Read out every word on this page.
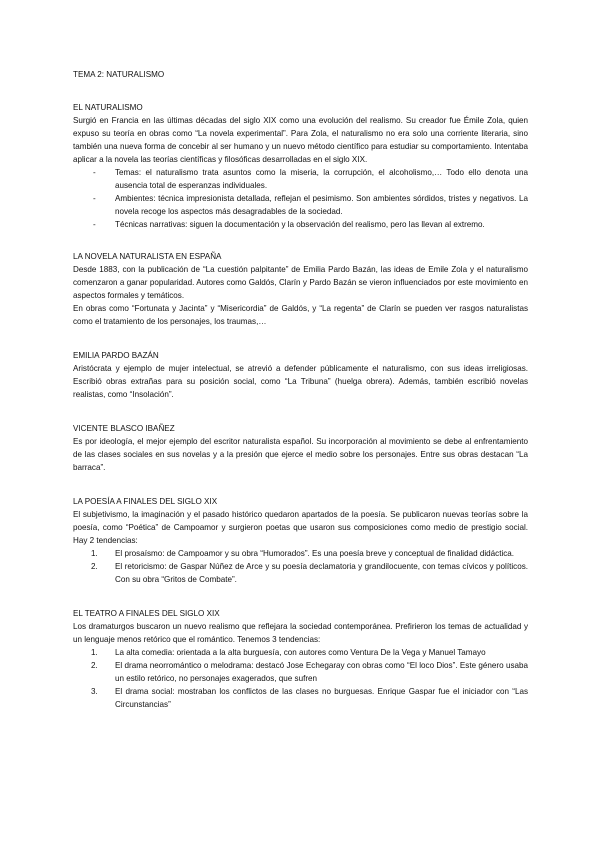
TEMA 2: NATURALISMO
EL NATURALISMO

Surgió en Francia en las últimas décadas del siglo XIX como una evolución del realismo. Su creador fue Émile Zola, quien expuso su teoría en obras como “La novela experimental”. Para Zola, el naturalismo no era solo una corriente literaria, sino también una nueva forma de concebir al ser humano y un nuevo método científico para estudiar su comportamiento. Intentaba aplicar a la novela las teorías científicas y filosóficas desarrolladas en el siglo XIX.

- Temas: el naturalismo trata asuntos como la miseria, la corrupción, el alcoholismo,… Todo ello denota una ausencia total de esperanzas individuales.
- Ambientes: técnica impresionista detallada, reflejan el pesimismo. Son ambientes sórdidos, tristes y negativos. La novela recoge los aspectos más desagradables de la sociedad.
- Técnicas narrativas: siguen la documentación y la observación del realismo, pero las llevan al extremo.
LA NOVELA NATURALISTA EN ESPAÑA

Desde 1883, con la publicación de “La cuestión palpitante” de Emilia Pardo Bazán, las ideas de Emile Zola y el naturalismo comenzaron a ganar popularidad. Autores como Galdós, Clarín y Pardo Bazán se vieron influenciados por este movimiento en aspectos formales y temáticos.

En obras como “Fortunata y Jacinta” y “Misericordia” de Galdós, y “La regenta” de Clarín se pueden ver rasgos naturalistas como el tratamiento de los personajes, los traumas,…

EMILIA PARDO BAZÁN

Aristócrata y ejemplo de mujer intelectual, se atrevió a defender públicamente el naturalismo, con sus ideas irreligiosas. Escribió obras extrañas para su posición social, como “La Tribuna” (huelga obrera). Además, también escribió novelas realistas, como “Insolación”.

VICENTE BLASCO IBAÑEZ

Es por ideología, el mejor ejemplo del escritor naturalista español. Su incorporación al movimiento se debe al enfrentamiento de las clases sociales en sus novelas y a la presión que ejerce el medio sobre los personajes. Entre sus obras destacan “La barraca”.

LA POESÍA A FINALES DEL SIGLO XIX

El subjetivismo, la imaginación y el pasado histórico quedaron apartados de la poesía. Se publicaron nuevas teorías sobre la poesía, como “Poética” de Campoamor y surgieron poetas que usaron sus composiciones como medio de prestigio social. Hay 2 tendencias:

1. El prosaísmo: de Campoamor y su obra “Humorados”. Es una poesía breve y conceptual de finalidad didáctica.
2. El retoricismo: de Gaspar Núñez de Arce y su poesía declamatoria y grandilocuente, con temas cívicos y políticos. Con su obra “Gritos de Combate”.
EL TEATRO A FINALES DEL SIGLO XIX

Los dramaturgos buscaron un nuevo realismo que reflejara la sociedad contemporánea. Prefirieron los temas de actualidad y un lenguaje menos retórico que el romántico. Tenemos 3 tendencias:

1. La alta comedia: orientada a la alta burguesía, con autores como Ventura De la Vega y Manuel Tamayo
2. El drama neorromántico o melodrama: destacó Jose Echegaray con obras como “El loco Dios”. Este género usaba un estilo retórico, no personajes exagerados, que sufren
3. El drama social: mostraban los conflictos de las clases no burguesas. Enrique Gaspar fue el iniciador con “Las Circunstancias”
